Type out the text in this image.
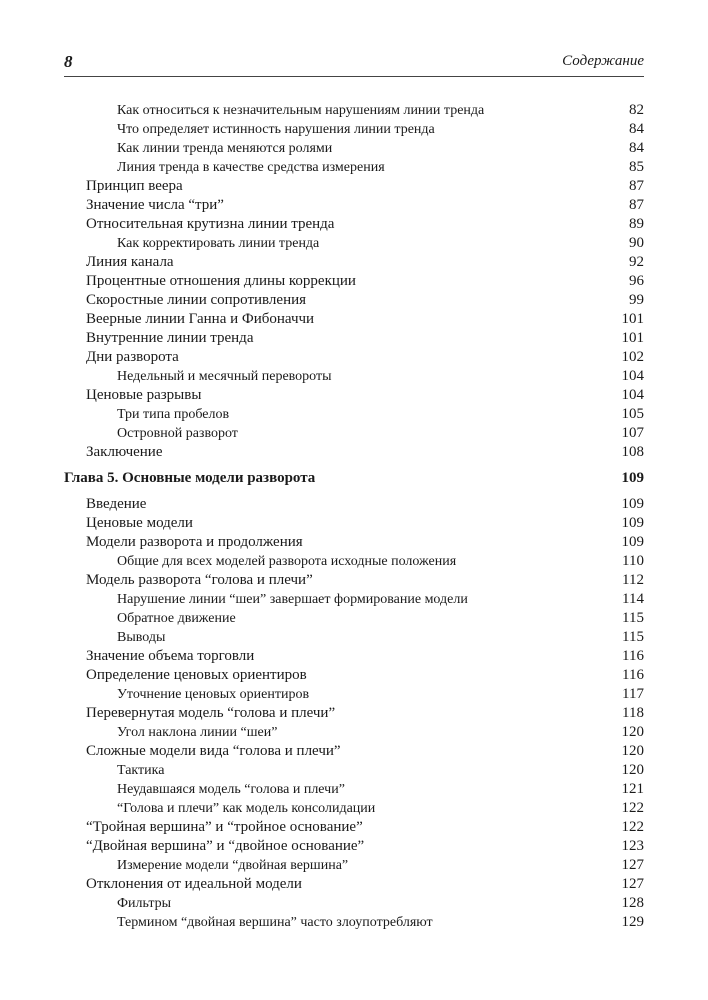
8	Содержание
Как относиться к незначительным нарушениям линии тренда	82
Что определяет истинность нарушения линии тренда	84
Как линии тренда меняются ролями	84
Линия тренда в качестве средства измерения	85
Принцип веера	87
Значение числа “три”	87
Относительная крутизна линии тренда	89
Как корректировать линии тренда	90
Линия канала	92
Процентные отношения длины коррекции	96
Скоростные линии сопротивления	99
Веерные линии Ганна и Фибоначчи	101
Внутренние линии тренда	101
Дни разворота	102
Недельный и месячный перевороты	104
Ценовые разрывы	104
Три типа пробелов	105
Островной разворот	107
Заключение	108
Глава 5. Основные модели разворота	109
Введение	109
Ценовые модели	109
Модели разворота и продолжения	109
Общие для всех моделей разворота исходные положения	110
Модель разворота “голова и плечи”	112
Нарушение линии “шеи” завершает формирование модели	114
Обратное движение	115
Выводы	115
Значение объема торговли	116
Определение ценовых ориентиров	116
Уточнение ценовых ориентиров	117
Перевернутая модель “голова и плечи”	118
Угол наклона линии “шеи”	120
Сложные модели вида “голова и плечи”	120
Тактика	120
Неудавшаяся модель “голова и плечи”	121
“Голова и плечи” как модель консолидации	122
“Тройная вершина” и “тройное основание”	122
“Двойная вершина” и “двойное основание”	123
Измерение модели “двойная вершина”	127
Отклонения от идеальной модели	127
Фильтры	128
Термином “двойная вершина” часто злоупотребляют	129
